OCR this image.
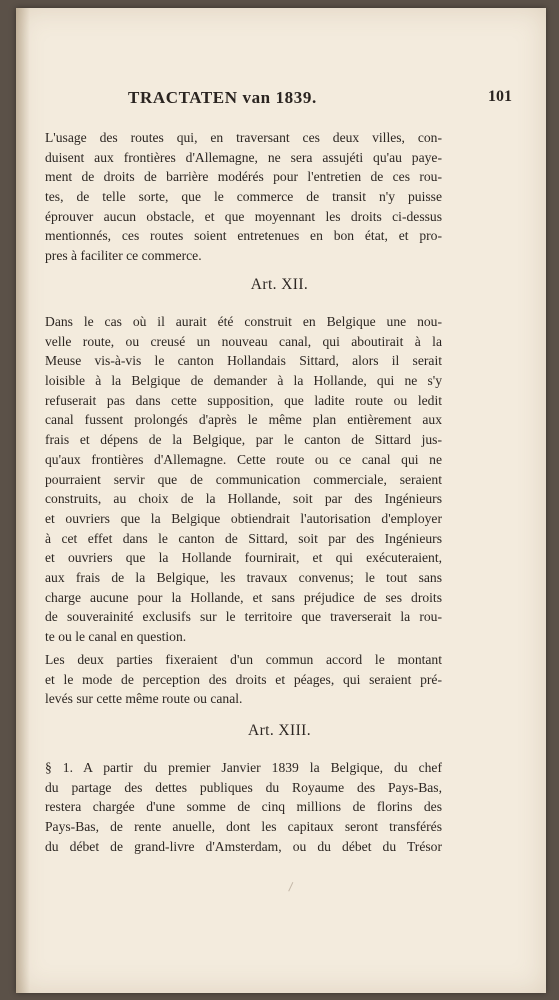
TRACTATEN van 1839.	101
L'usage des routes qui, en traversant ces deux villes, con-
duisent aux frontières d'Allemagne, ne sera assujéti qu'au paye-
ment de droits de barrière modérés pour l'entretien de ces rou-
tes, de telle sorte, que le commerce de transit n'y puisse
éprouver aucun obstacle, et que moyennant les droits ci-dessus
mentionnés, ces routes soient entretenues en bon état, et pro-
pres à faciliter ce commerce.
Art. XII.
Dans le cas où il aurait été construit en Belgique une nou-
velle route, ou creusé un nouveau canal, qui aboutirait à la
Meuse vis-à-vis le canton Hollandais Sittard, alors il serait
loisible à la Belgique de demander à la Hollande, qui ne s'y
refuserait pas dans cette supposition, que ladite route ou ledit
canal fussent prolongés d'après le même plan entièrement aux
frais et dépens de la Belgique, par le canton de Sittard jus-
qu'aux frontières d'Allemagne. Cette route ou ce canal qui ne
pourraient servir que de communication commerciale, seraient
construits, au choix de la Hollande, soit par des Ingénieurs
et ouvriers que la Belgique obtiendrait l'autorisation d'employer
à cet effet dans le canton de Sittard, soit par des Ingénieurs
et ouvriers que la Hollande fournirait, et qui exécuteraient,
aux frais de la Belgique, les travaux convenus; le tout sans
charge aucune pour la Hollande, et sans préjudice de ses droits
de souverainité exclusifs sur le territoire que traverserait la rou-
te ou le canal en question.
Les deux parties fixeraient d'un commun accord le montant
et le mode de perception des droits et péages, qui seraient pré-
levés sur cette même route ou canal.
Art. XIII.
§ 1. A partir du premier Janvier 1839 la Belgique, du chef
du partage des dettes publiques du Royaume des Pays-Bas,
restera chargée d'une somme de cinq millions de florins des
Pays-Bas, de rente anuelle, dont les capitaux seront transférés
du débet de grand-livre d'Amsterdam, ou du débet du Trésor
